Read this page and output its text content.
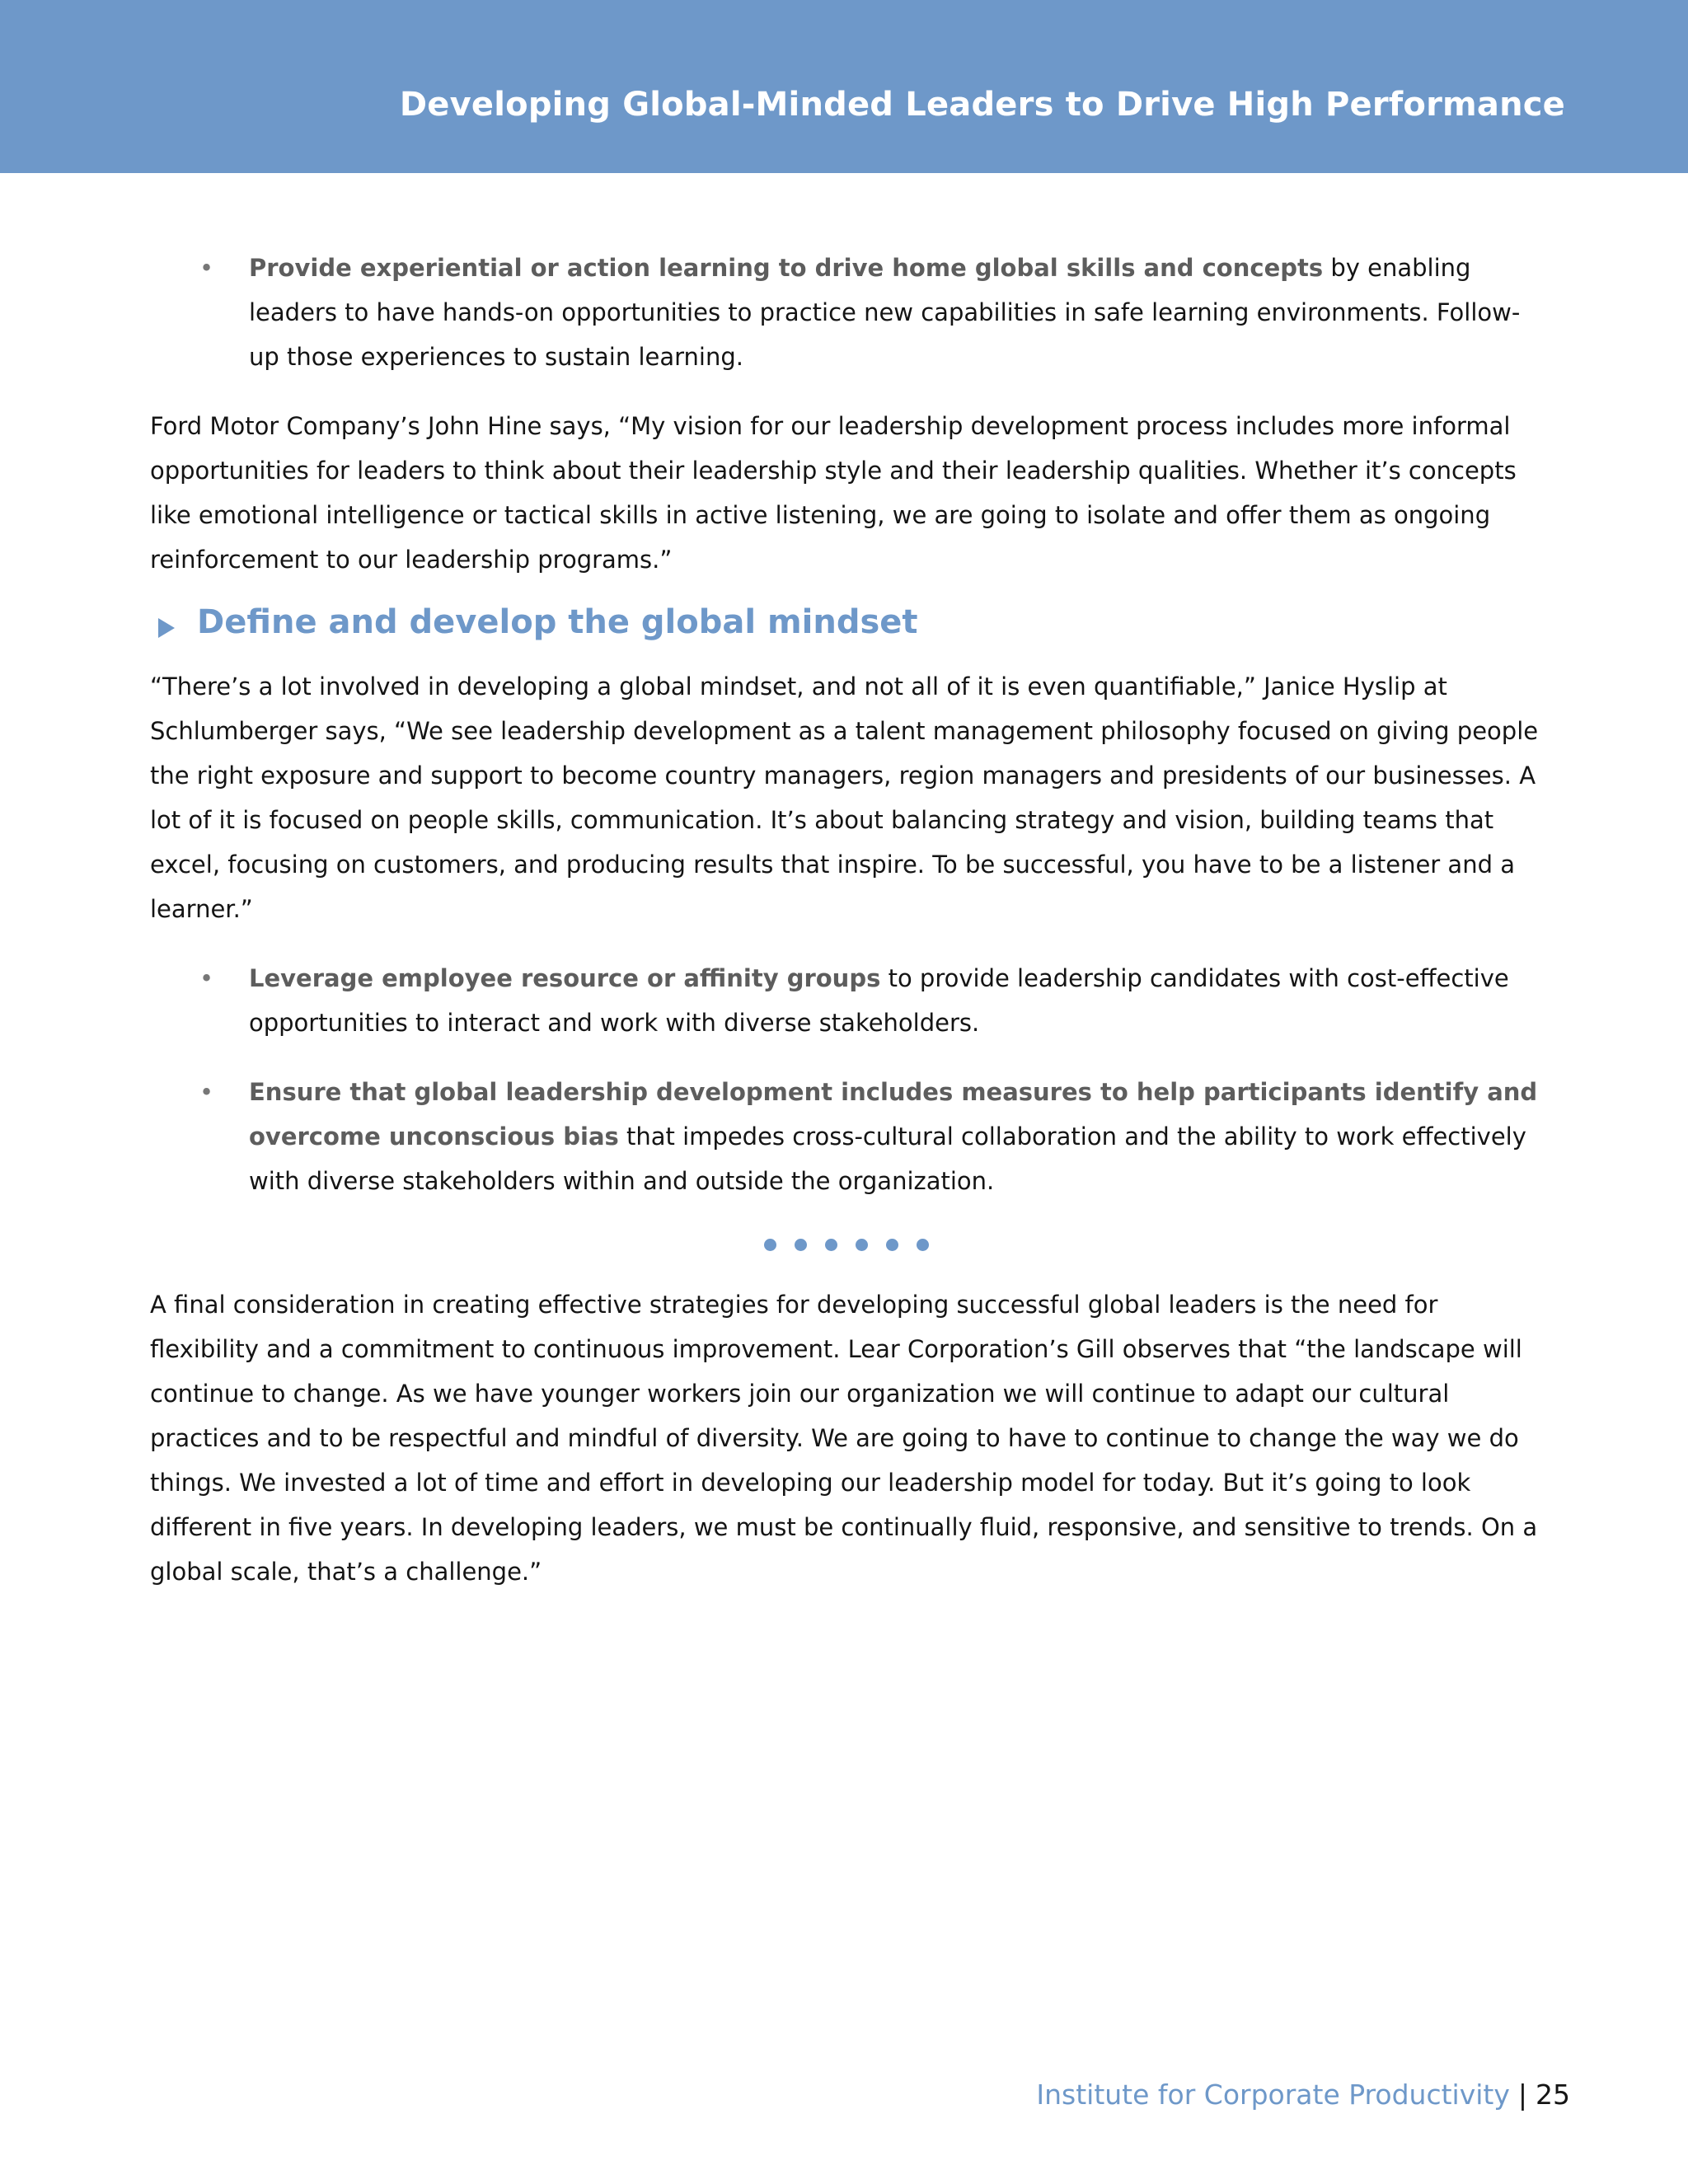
Developing Global-Minded Leaders to Drive High Performance
• Provide experiential or action learning to drive home global skills and concepts by enabling leaders to have hands-on opportunities to practice new capabilities in safe learning environments. Follow-up those experiences to sustain learning.

Ford Motor Company’s John Hine says, “My vision for our leadership development process includes more informal opportunities for leaders to think about their leadership style and their leadership qualities. Whether it’s concepts like emotional intelligence or tactical skills in active listening, we are going to isolate and offer them as ongoing reinforcement to our leadership programs.”

Define and develop the global mindset

“There’s a lot involved in developing a global mindset, and not all of it is even quantifiable,” Janice Hyslip at Schlumberger says, “We see leadership development as a talent management philosophy focused on giving people the right exposure and support to become country managers, region managers and presidents of our businesses. A lot of it is focused on people skills, communication. It’s about balancing strategy and vision, building teams that excel, focusing on customers, and producing results that inspire. To be successful, you have to be a listener and a learner.”

• Leverage employee resource or affinity groups to provide leadership candidates with cost-effective opportunities to interact and work with diverse stakeholders.
• Ensure that global leadership development includes measures to help participants identify and overcome unconscious bias that impedes cross-cultural collaboration and the ability to work effectively with diverse stakeholders within and outside the organization.

A final consideration in creating effective strategies for developing successful global leaders is the need for flexibility and a commitment to continuous improvement. Lear Corporation’s Gill observes that “the landscape will continue to change. As we have younger workers join our organization we will continue to adapt our cultural practices and to be respectful and mindful of diversity. We are going to have to continue to change the way we do things. We invested a lot of time and effort in developing our leadership model for today. But it’s going to look different in five years. In developing leaders, we must be continually fluid, responsive, and sensitive to trends. On a global scale, that’s a challenge.”

Institute for Corporate Productivity | 25
